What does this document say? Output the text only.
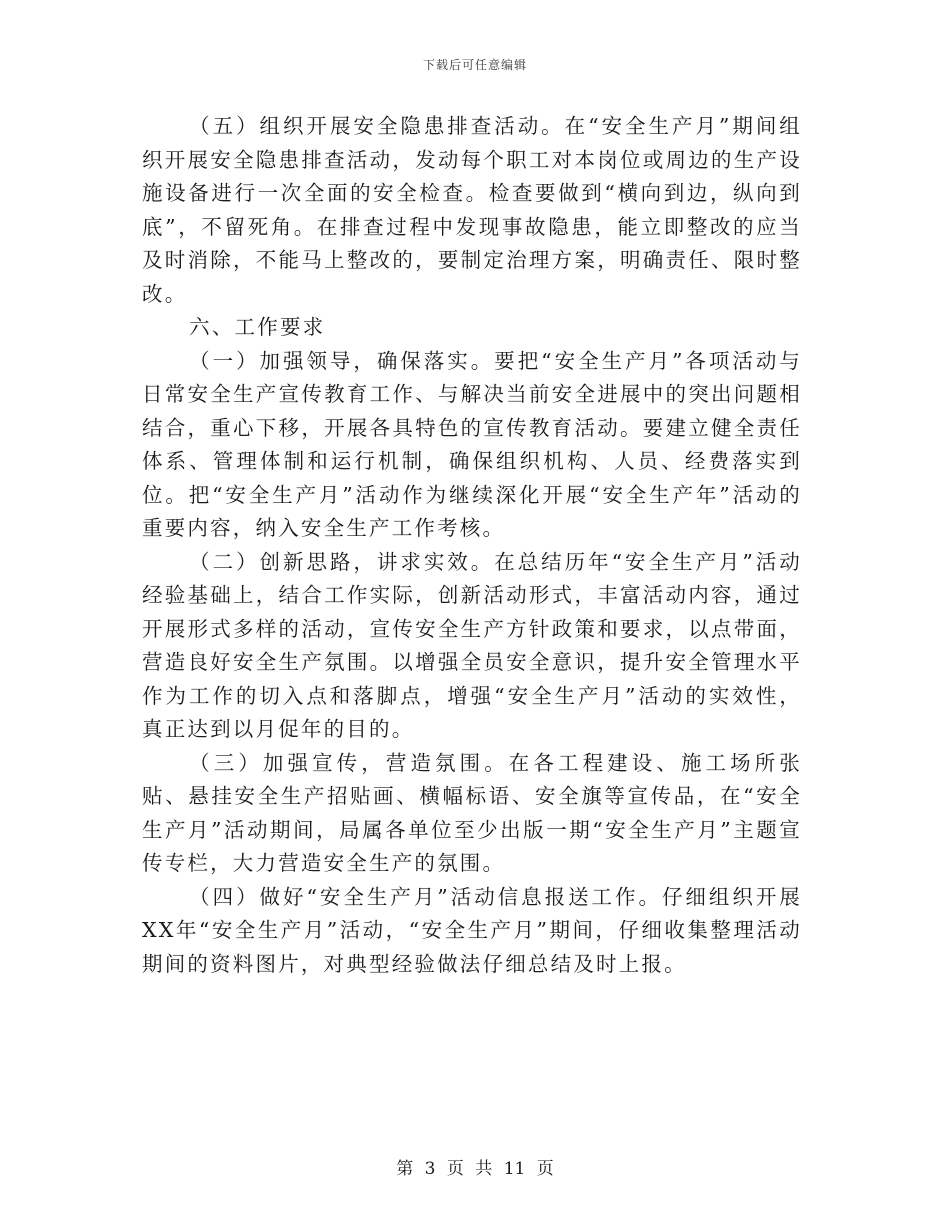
下载后可任意编辑

（五）组织开展安全隐患排查活动。在“安全生产月”期间组织开展安全隐患排查活动，发动每个职工对本岗位或周边的生产设施设备进行一次全面的安全检查。检查要做到“横向到边，纵向到底”，不留死角。在排查过程中发现事故隐患，能立即整改的应当及时消除，不能马上整改的，要制定治理方案，明确责任、限时整改。

六、工作要求

（一）加强领导，确保落实。要把“安全生产月”各项活动与日常安全生产宣传教育工作、与解决当前安全进展中的突出问题相结合，重心下移，开展各具特色的宣传教育活动。要建立健全责任体系、管理体制和运行机制，确保组织机构、人员、经费落实到位。把“安全生产月”活动作为继续深化开展“安全生产年”活动的重要内容，纳入安全生产工作考核。

（二）创新思路，讲求实效。在总结历年“安全生产月”活动经验基础上，结合工作实际，创新活动形式，丰富活动内容，通过开展形式多样的活动，宣传安全生产方针政策和要求，以点带面，营造良好安全生产氛围。以增强全员安全意识，提升安全管理水平作为工作的切入点和落脚点，增强“安全生产月”活动的实效性，真正达到以月促年的目的。

（三）加强宣传，营造氛围。在各工程建设、施工场所张贴、悬挂安全生产招贴画、横幅标语、安全旗等宣传品，在“安全生产月”活动期间，局属各单位至少出版一期“安全生产月”主题宣传专栏，大力营造安全生产的氛围。

（四）做好“安全生产月”活动信息报送工作。仔细组织开展XX年“安全生产月”活动，“安全生产月”期间，仔细收集整理活动期间的资料图片，对典型经验做法仔细总结及时上报。

第 3 页 共 11 页
